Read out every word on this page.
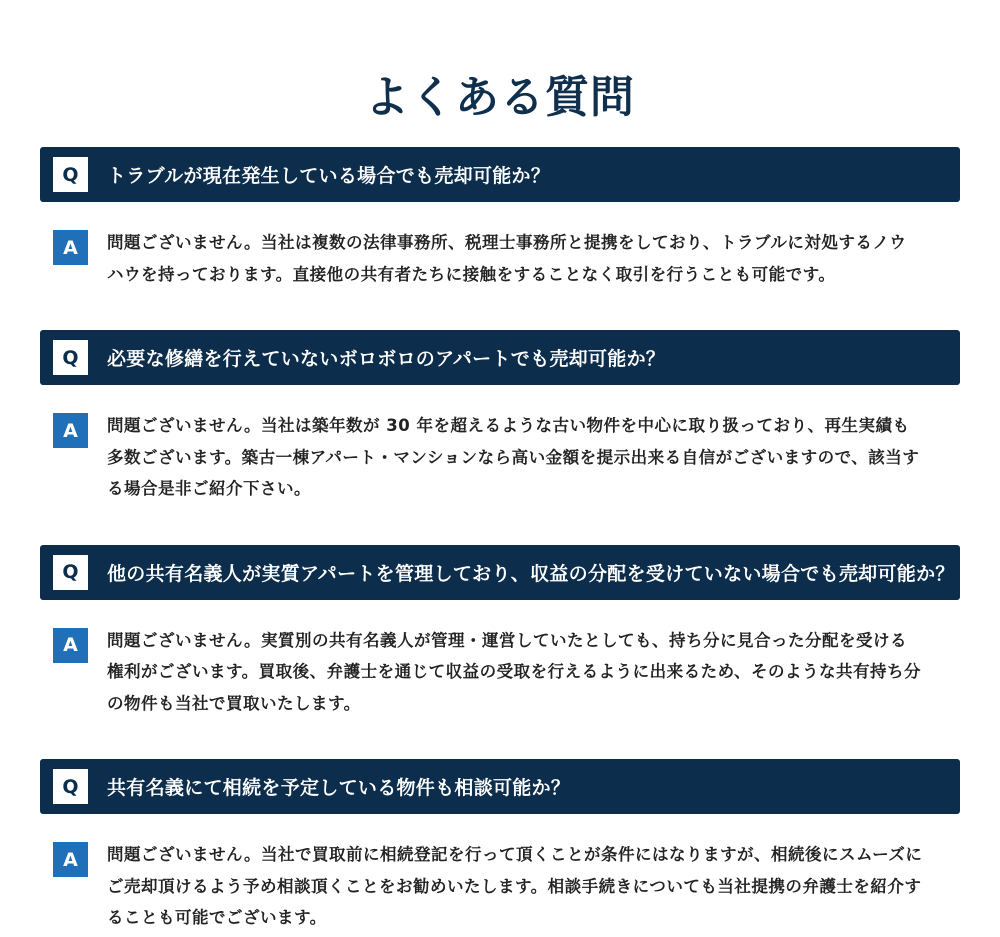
よくある質問
Q	トラブルが現在発生している場合でも売却可能か？
A	問題ございません。当社は複数の法律事務所、税理士事務所と提携をしており、トラブルに対処するノウハウを持っております。直接他の共有者たちに接触をすることなく取引を行うことも可能です。

Q	必要な修繕を行えていないボロボロのアパートでも売却可能か？
A	問題ございません。当社は築年数が 30 年を超えるような古い物件を中心に取り扱っており、再生実績も多数ございます。築古一棟アパート・マンションなら高い金額を提示出来る自信がございますので、該当する場合是非ご紹介下さい。

Q	他の共有名義人が実質アパートを管理しており、収益の分配を受けていない場合でも売却可能か？
A	問題ございません。実質別の共有名義人が管理・運営していたとしても、持ち分に見合った分配を受ける権利がございます。買取後、弁護士を通じて収益の受取を行えるように出来るため、そのような共有持ち分の物件も当社で買取いたします。

Q	共有名義にて相続を予定している物件も相談可能か？
A	問題ございません。当社で買取前に相続登記を行って頂くことが条件にはなりますが、相続後にスムーズにご売却頂けるよう予め相談頂くことをお勧めいたします。相談手続きについても当社提携の弁護士を紹介することも可能でございます。
